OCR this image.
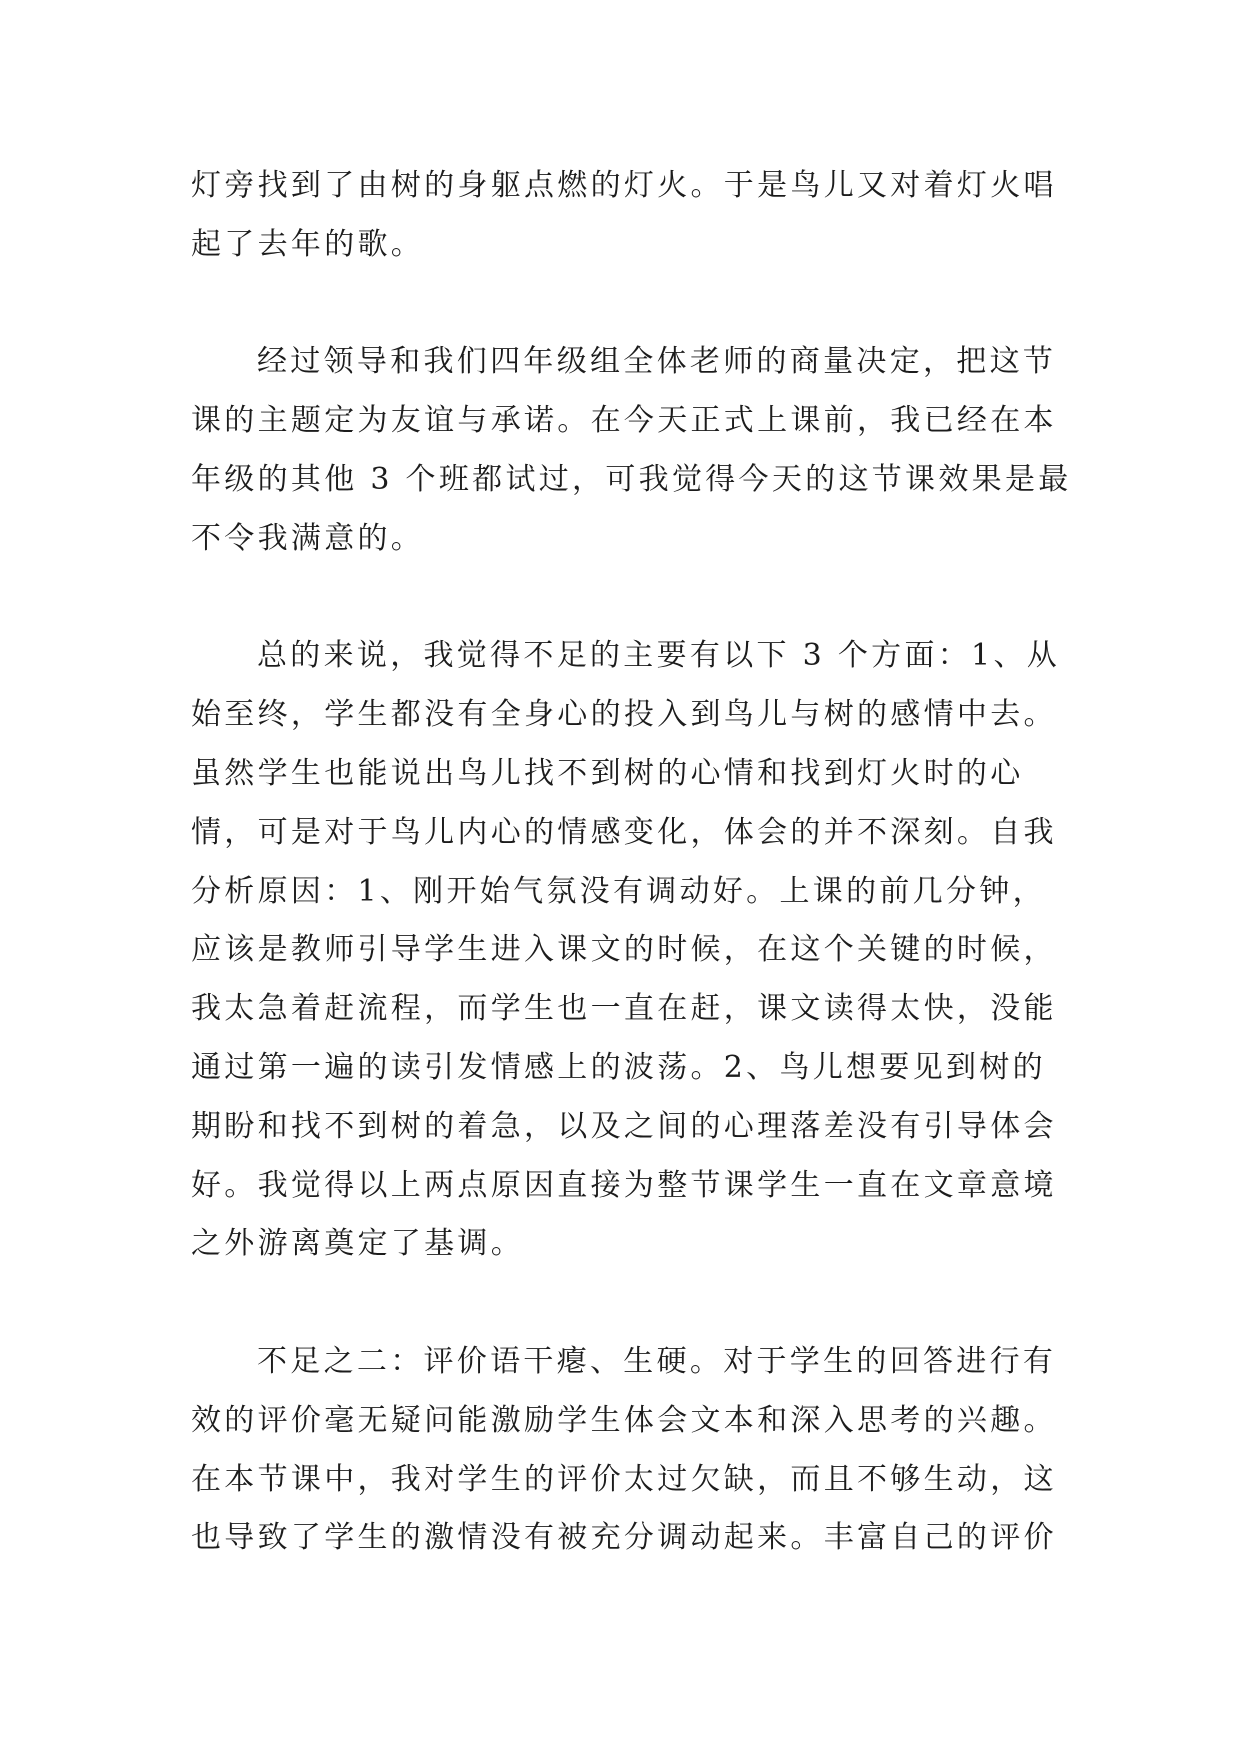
灯旁找到了由树的身躯点燃的灯火。于是鸟儿又对着灯火唱
起了去年的歌。
经过领导和我们四年级组全体老师的商量决定，把这节
课的主题定为友谊与承诺。在今天正式上课前，我已经在本
年级的其他 3 个班都试过，可我觉得今天的这节课效果是最
不令我满意的。
总的来说，我觉得不足的主要有以下 3 个方面：1、从
始至终，学生都没有全身心的投入到鸟儿与树的感情中去。
虽然学生也能说出鸟儿找不到树的心情和找到灯火时的心
情，可是对于鸟儿内心的情感变化，体会的并不深刻。自我
分析原因：1、刚开始气氛没有调动好。上课的前几分钟，
应该是教师引导学生进入课文的时候，在这个关键的时候，
我太急着赶流程，而学生也一直在赶，课文读得太快，没能
通过第一遍的读引发情感上的波荡。2、鸟儿想要见到树的
期盼和找不到树的着急，以及之间的心理落差没有引导体会
好。我觉得以上两点原因直接为整节课学生一直在文章意境
之外游离奠定了基调。
不足之二：评价语干瘪、生硬。对于学生的回答进行有
效的评价毫无疑问能激励学生体会文本和深入思考的兴趣。
在本节课中，我对学生的评价太过欠缺，而且不够生动，这
也导致了学生的激情没有被充分调动起来。丰富自己的评价
